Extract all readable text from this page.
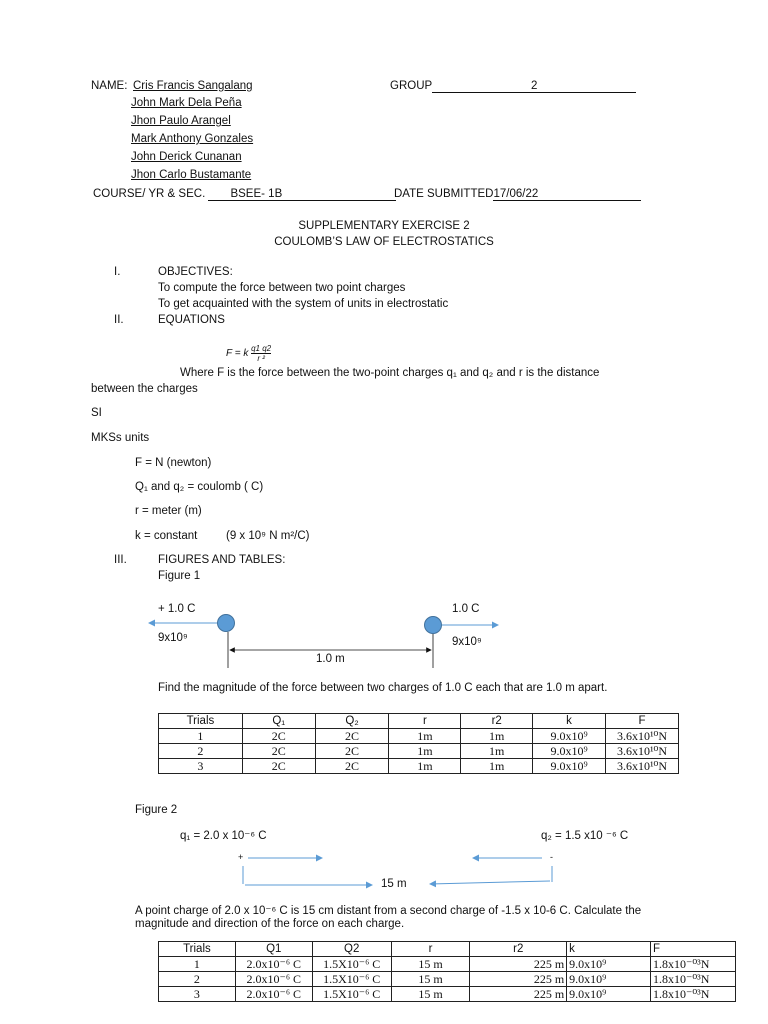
NAME: Cris Francis Sangalang
John Mark Dela Peña
Jhon Paulo Arangel
Mark Anthony Gonzales
John Derick Cunanan
Jhon Carlo Bustamante
GROUP	2
COURSE/ YR & SEC. BSEE- 1B	DATE SUBMITTED17/06/22
SUPPLEMENTARY EXERCISE 2
COULOMB’S LAW OF ELECTROSTATICS
I.	OBJECTIVES:
To compute the force between two point charges
To get acquainted with the system of units in electrostatic
II.	EQUATIONS
F = k $\frac{q1 q2}{\text{r ²}}$
Where F is the force between the two-point charges q₁ and q₂ and r is the distance
between the charges
SI
MKSs units
F = N (newton)
Q₁ and q₂ = coulomb ( C)
r = meter (m)
k = constant (9 x 10⁹ N m²/C)
III.	FIGURES AND TABLES:
Figure 1
+ 1.0 C	1.0 C
9x10⁹	9x10⁹
1.0 m
Find the magnitude of the force between two charges of 1.0 C each that are 1.0 m apart.
Trials	Q₁	Q₂	r	r2	k	F
1	2C	2C	1m	1m	9.0x10⁹	3.6x10¹⁰N
2	2C	2C	1m	1m	9.0x10⁹	3.6x10¹⁰N
3	2C	2C	1m	1m	9.0x10⁹	3.6x10¹⁰N
Figure 2
q₁ = 2.0 x 10⁻⁶ C	q₂ = 1.5 x10 ⁻⁶ C
+	-
15 m
A point charge of 2.0 x 10⁻⁶ C is 15 cm distant from a second charge of -1.5 x 10‑6 C. Calculate the
magnitude and direction of the force on each charge.
Trials	Q1	Q2	r	r2	k	F
1	2.0x10⁻⁶ C	1.5X10⁻⁶ C	15 m	225 m	9.0x10⁹	1.8x10⁻⁰³N
2	2.0x10⁻⁶ C	1.5X10⁻⁶ C	15 m	225 m	9.0x10⁹	1.8x10⁻⁰³N
3	2.0x10⁻⁶ C	1.5X10⁻⁶ C	15 m	225 m	9.0x10⁹	1.8x10⁻⁰³N
